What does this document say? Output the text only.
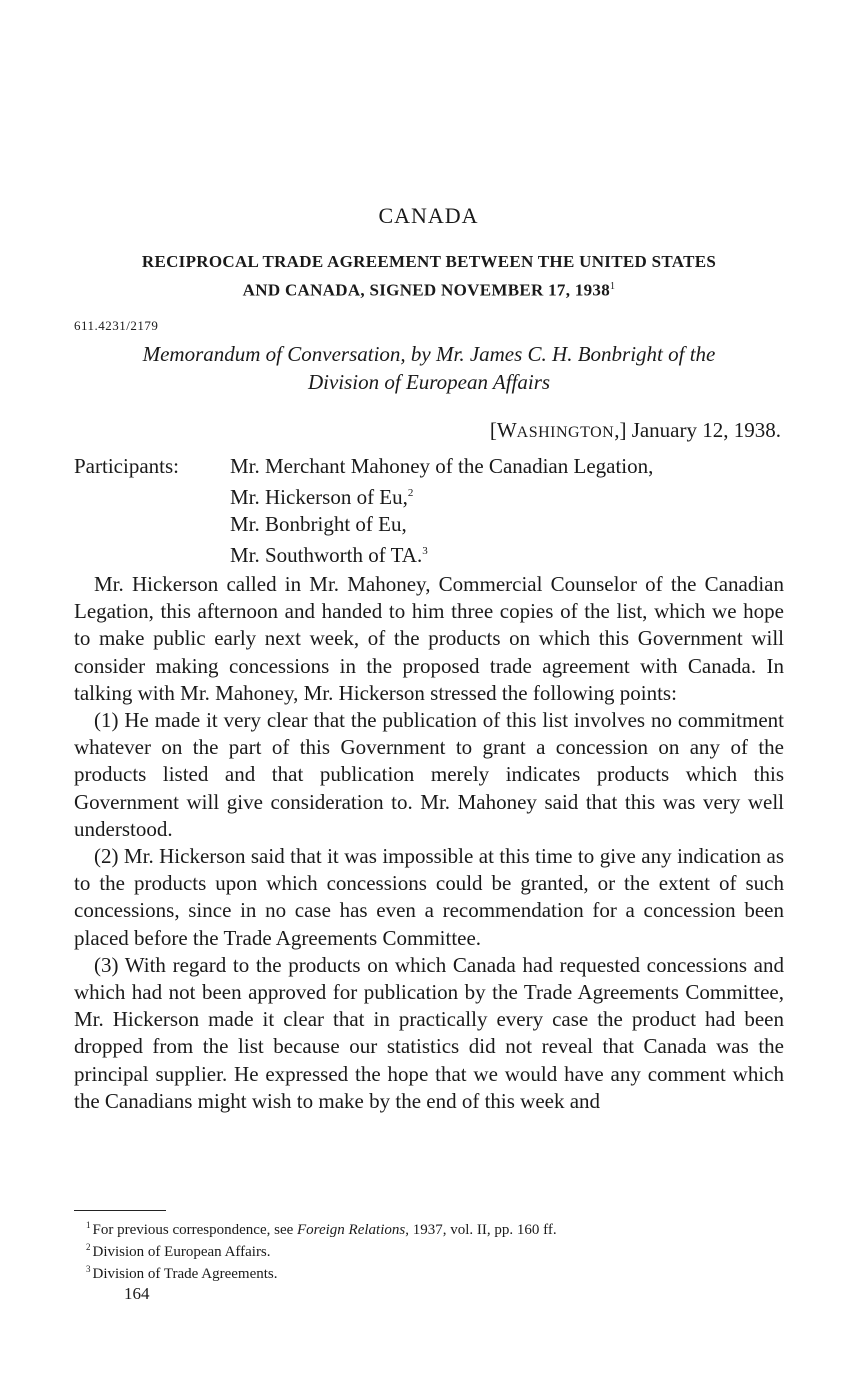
CANADA
RECIPROCAL TRADE AGREEMENT BETWEEN THE UNITED STATES
AND CANADA, SIGNED NOVEMBER 17, 1938$^1$
611.4231/2179
Memorandum of Conversation, by Mr. James C. H. Bonbright of the
Division of European Affairs
[WASHINGTON,] January 12, 1938.
Participants: Mr. Merchant Mahoney of the Canadian Legation,
Mr. Hickerson of Eu,$^2$
Mr. Bonbright of Eu,
Mr. Southworth of TA.$^3$

Mr. Hickerson called in Mr. Mahoney, Commercial Counselor of the Canadian Legation, this afternoon and handed to him three copies of the list, which we hope to make public early next week, of the products on which this Government will consider making concessions in the proposed trade agreement with Canada. In talking with Mr. Mahoney, Mr. Hickerson stressed the following points:

(1) He made it very clear that the publication of this list involves no commitment whatever on the part of this Government to grant a concession on any of the products listed and that publication merely indicates products which this Government will give consideration to. Mr. Mahoney said that this was very well understood.

(2) Mr. Hickerson said that it was impossible at this time to give any indication as to the products upon which concessions could be granted, or the extent of such concessions, since in no case has even a recommendation for a concession been placed before the Trade Agreements Committee.

(3) With regard to the products on which Canada had requested concessions and which had not been approved for publication by the Trade Agreements Committee, Mr. Hickerson made it clear that in practically every case the product had been dropped from the list because our statistics did not reveal that Canada was the principal supplier. He expressed the hope that we would have any comment which the Canadians might wish to make by the end of this week and

$^1$ For previous correspondence, see Foreign Relations, 1937, vol. II, pp. 160 ff.
$^2$ Division of European Affairs.
$^3$ Division of Trade Agreements.
164
